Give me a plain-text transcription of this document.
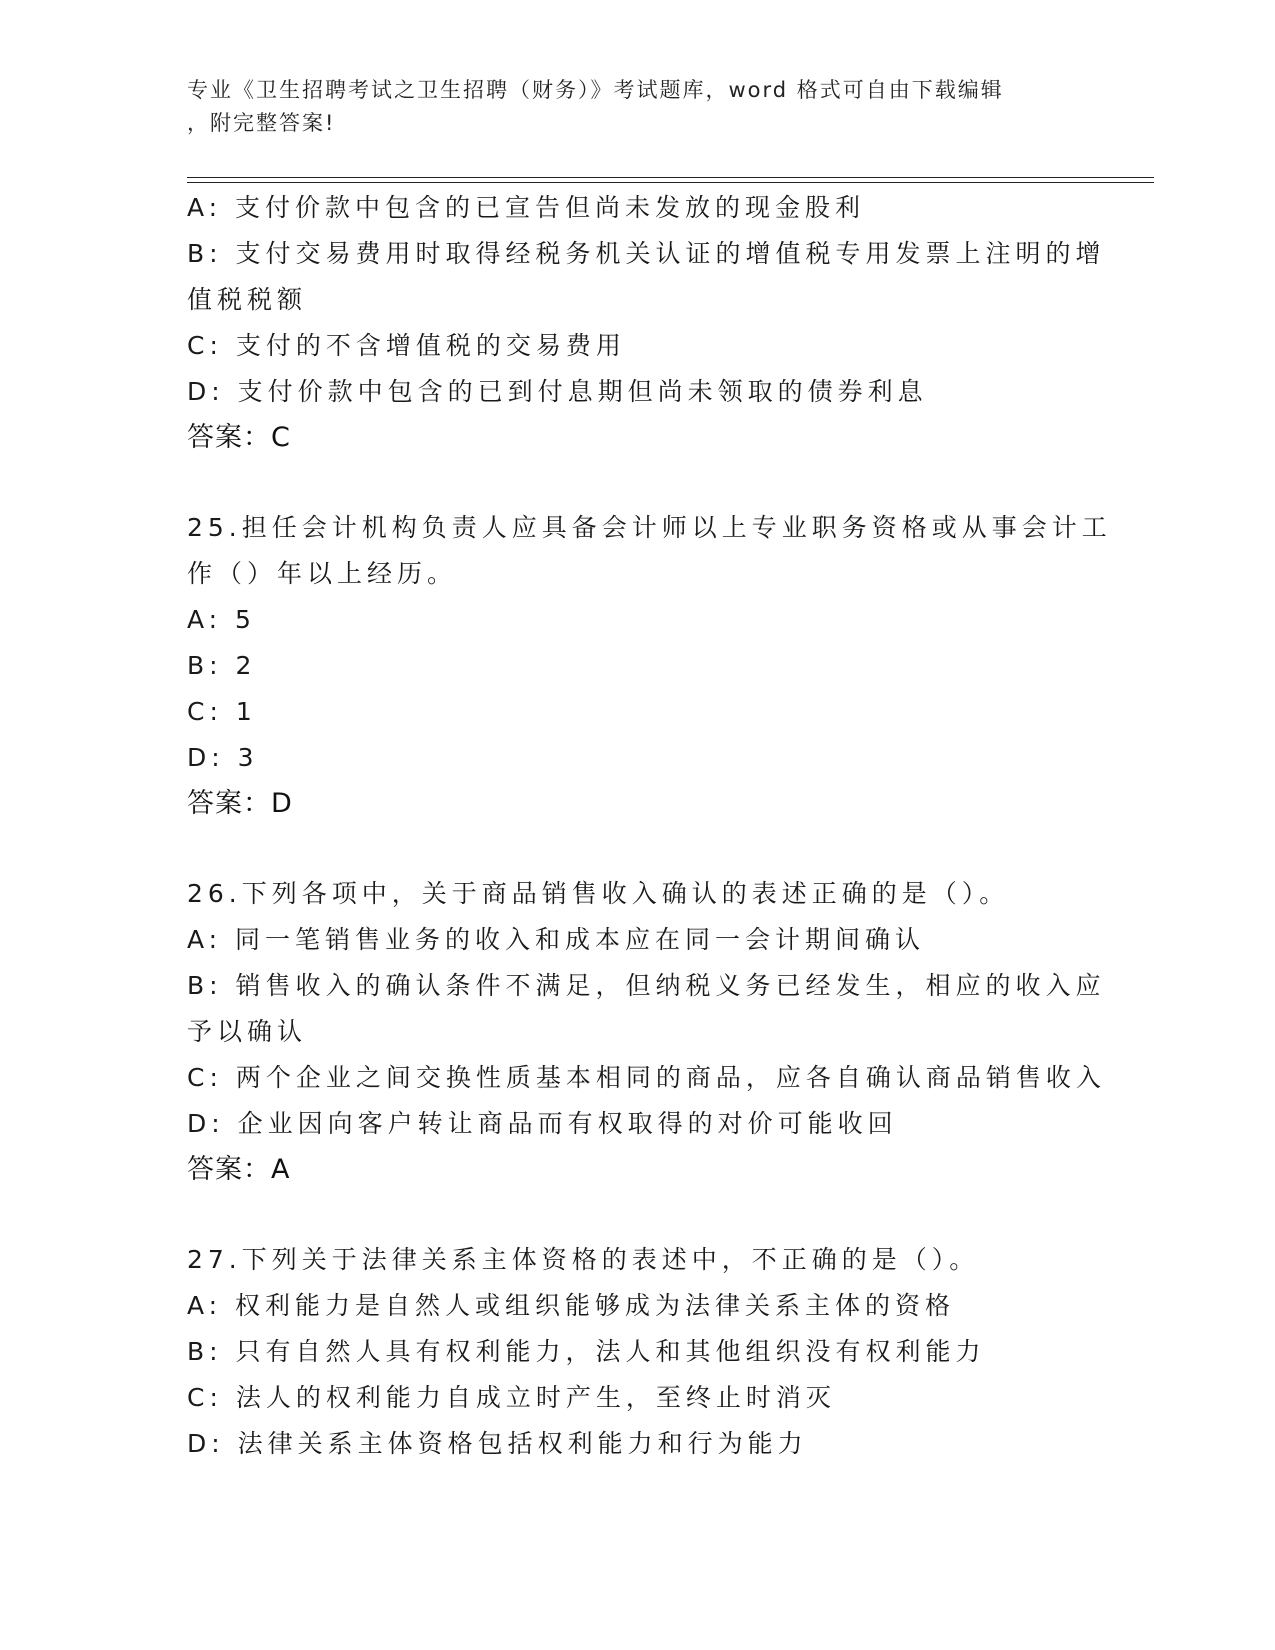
专业《卫生招聘考试之卫生招聘（财务）》考试题库，word 格式可自由下载编辑
，附完整答案!
A: 支付价款中包含的已宣告但尚未发放的现金股利
B: 支付交易费用时取得经税务机关认证的增值税专用发票上注明的增
值税税额
C: 支付的不含增值税的交易费用
D: 支付价款中包含的已到付息期但尚未领取的债券利息
答案：C
25.担任会计机构负责人应具备会计师以上专业职务资格或从事会计工
作（）年以上经历。
A: 5
B: 2
C: 1
D: 3
答案：D
26.下列各项中，关于商品销售收入确认的表述正确的是（）。
A: 同一笔销售业务的收入和成本应在同一会计期间确认
B: 销售收入的确认条件不满足，但纳税义务已经发生，相应的收入应
予以确认
C: 两个企业之间交换性质基本相同的商品，应各自确认商品销售收入
D: 企业因向客户转让商品而有权取得的对价可能收回
答案：A
27.下列关于法律关系主体资格的表述中，不正确的是（）。
A: 权利能力是自然人或组织能够成为法律关系主体的资格
B: 只有自然人具有权利能力，法人和其他组织没有权利能力
C: 法人的权利能力自成立时产生，至终止时消灭
D: 法律关系主体资格包括权利能力和行为能力
